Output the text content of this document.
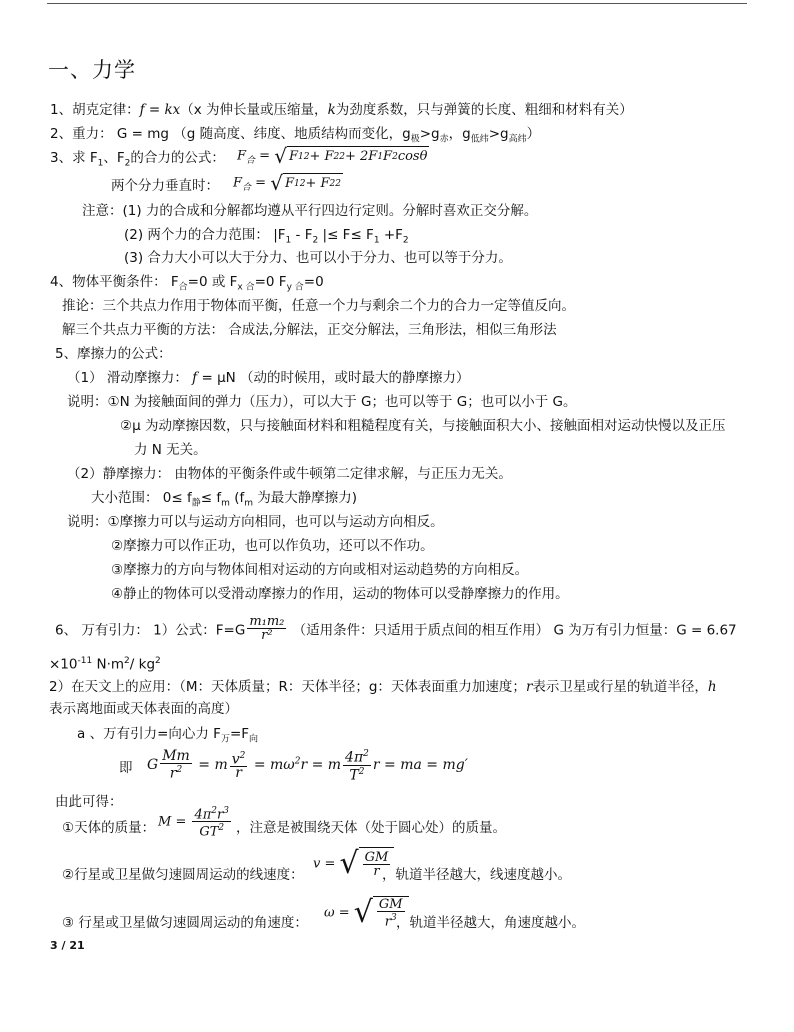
一、力学
1、胡克定律：f = kx（x 为伸长量或压缩量，k为劲度系数，只与弹簧的长度、粗细和材料有关）
2、重力： G = mg （g 随高度、纬度、地质结构而变化，$g_极>g_赤$，$g_{低纬}>g_{高纬}$）
3、求 $F_1$、$F_2$的合力的公式： $F_合$ = √ F 1 2 + F 2 2 + 2F 1 F 2 cosθ
两个分力垂直时： $F_合$ = √ F 1 2 + F 2 2
注意：(1) 力的合成和分解都均遵从平行四边行定则。分解时喜欢正交分解。
(2) 两个力的合力范围： $|F_1 - F_2$ |≤ $F\le F_1 +F_2$
(3) 合力大小可以大于分力、也可以小于分力、也可以等于分力。
4、物体平衡条件： $F_合=0$ 或 $F_{x 合}=0$ $F_{y 合}=0$
推论：三个共点力作用于物体而平衡，任意一个力与剩余二个力的合力一定等值反向。
解三个共点力平衡的方法： 合成法,分解法，正交分解法，三角形法，相似三角形法
5、摩擦力的公式：
（1） 滑动摩擦力： f = μN （动的时候用，或时最大的静摩擦力）
说明：①N 为接触面间的弹力（压力），可以大于 G；也可以等于 G；也可以小于 G。
②μ 为动摩擦因数，只与接触面材料和粗糙程度有关，与接触面积大小、接触面相对运动快慢以及正压
力 N 无关。
（2）静摩擦力： 由物体的平衡条件或牛顿第二定律求解，与正压力无关。
大小范围： $0\le f_静\le f_m$ ($f_m$ 为最大静摩擦力)
说明：①摩擦力可以与运动方向相同，也可以与运动方向相反。
②摩擦力可以作正功，也可以作负功，还可以不作功。
③摩擦力的方向与物体间相对运动的方向或相对运动趋势的方向相反。
④静止的物体可以受滑动摩擦力的作用，运动的物体可以受静摩擦力的作用。
6、 万有引力： 1）公式：$F=G \frac{\text{m₁m₂}}{\text{r²}}$ （适用条件：只适用于质点间的相互作用） G 为万有引力恒量：G = 6.67
$\times 10^{-11}$ $N\cdot m^2/$ $kg^2$
2）在天文上的应用：（M：天体质量；R：天体半径；g：天体表面重力加速度；r表示卫星或行星的轨道半径，h
表示离地面或天体表面的高度）
a 、万有引力=向心力 $F_万=F_向$
即 G $\frac{Mm}{r^2} = m \frac{v^2}{r} = m\omega^2r = m \frac{4\pi^2}{T^2}$ r = ma = mg′
由此可得：
①天体的质量： $M = \frac{4\pi^2r^3}{GT^2}$ ，注意是被围绕天体（处于圆心处）的质量。
②行星或卫星做匀速圆周运动的线速度：
v = √ $\frac{GM}{r}$
，轨道半径越大，线速度越小。
③ 行星或卫星做匀速圆周运动的角速度：
ω = √ $\frac{GM}{r^3}$
，轨道半径越大，角速度越小。
3 / 21
